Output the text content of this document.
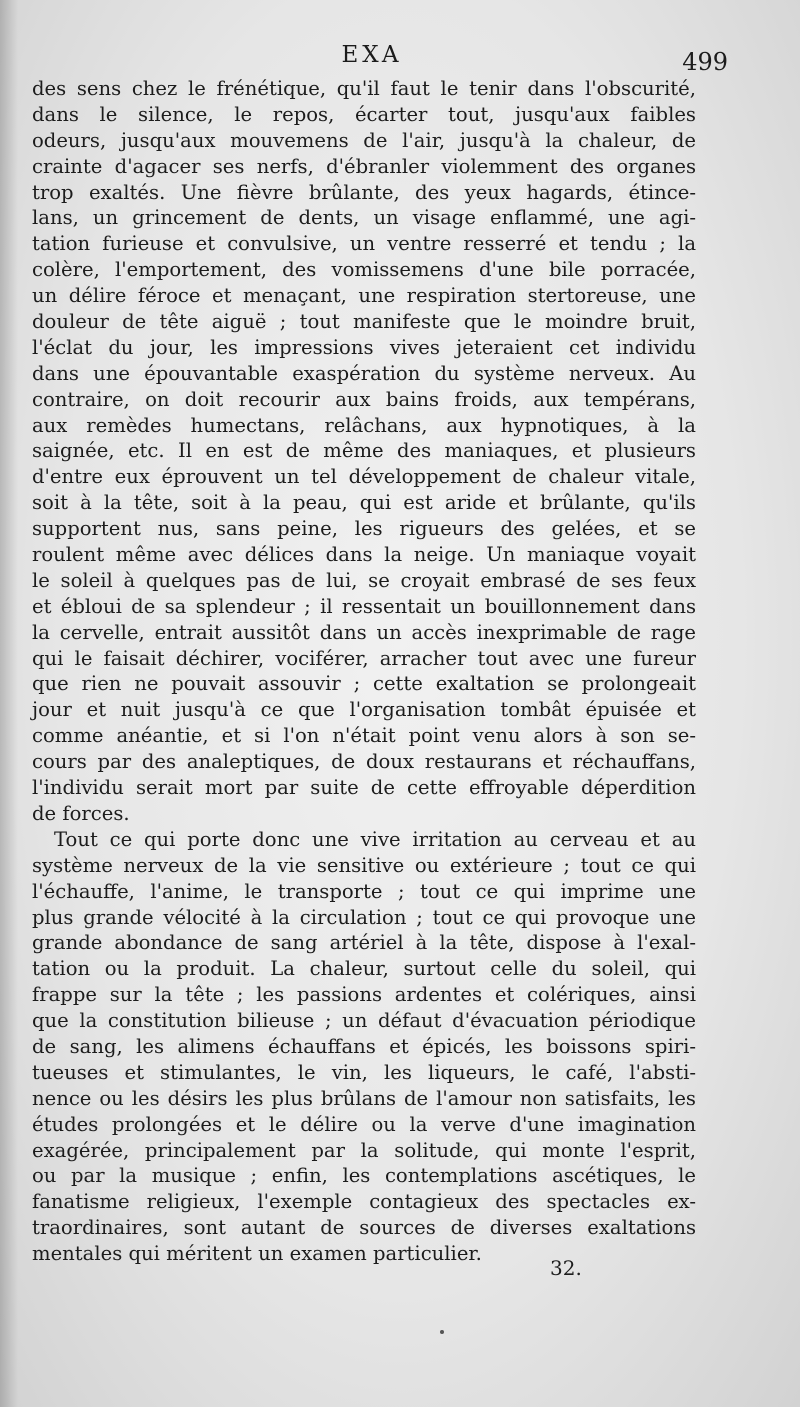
EXA	499
des sens chez le frénétique, qu'il faut le tenir dans l'obscurité,
dans le silence, le repos, écarter tout, jusqu'aux faibles
odeurs, jusqu'aux mouvemens de l'air, jusqu'à la chaleur, de
crainte d'agacer ses nerfs, d'ébranler violemment des organes
trop exaltés. Une fièvre brûlante, des yeux hagards, étince-
lans, un grincement de dents, un visage enflammé, une agi-
tation furieuse et convulsive, un ventre resserré et tendu ; la
colère, l'emportement, des vomissemens d'une bile porracée,
un délire féroce et menaçant, une respiration stertoreuse, une
douleur de tête aiguë ; tout manifeste que le moindre bruit,
l'éclat du jour, les impressions vives jeteraient cet individu
dans une épouvantable exaspération du système nerveux. Au
contraire, on doit recourir aux bains froids, aux tempérans,
aux remèdes humectans, relâchans, aux hypnotiques, à la
saignée, etc. Il en est de même des maniaques, et plusieurs
d'entre eux éprouvent un tel développement de chaleur vitale,
soit à la tête, soit à la peau, qui est aride et brûlante, qu'ils
supportent nus, sans peine, les rigueurs des gelées, et se
roulent même avec délices dans la neige. Un maniaque voyait
le soleil à quelques pas de lui, se croyait embrasé de ses feux
et ébloui de sa splendeur ; il ressentait un bouillonnement dans
la cervelle, entrait aussitôt dans un accès inexprimable de rage
qui le faisait déchirer, vociférer, arracher tout avec une fureur
que rien ne pouvait assouvir ; cette exaltation se prolongeait
jour et nuit jusqu'à ce que l'organisation tombât épuisée et
comme anéantie, et si l'on n'était point venu alors à son se-
cours par des analeptiques, de doux restaurans et réchauffans,
l'individu serait mort par suite de cette effroyable déperdition
de forces.
Tout ce qui porte donc une vive irritation au cerveau et au
système nerveux de la vie sensitive ou extérieure ; tout ce qui
l'échauffe, l'anime, le transporte ; tout ce qui imprime une
plus grande vélocité à la circulation ; tout ce qui provoque une
grande abondance de sang artériel à la tête, dispose à l'exal-
tation ou la produit. La chaleur, surtout celle du soleil, qui
frappe sur la tête ; les passions ardentes et colériques, ainsi
que la constitution bilieuse ; un défaut d'évacuation périodique
de sang, les alimens échauffans et épicés, les boissons spiri-
tueuses et stimulantes, le vin, les liqueurs, le café, l'absti-
nence ou les désirs les plus brûlans de l'amour non satisfaits, les
études prolongées et le délire ou la verve d'une imagination
exagérée, principalement par la solitude, qui monte l'esprit,
ou par la musique ; enfin, les contemplations ascétiques, le
fanatisme religieux, l'exemple contagieux des spectacles ex-
traordinaires, sont autant de sources de diverses exaltations
mentales qui méritent un examen particulier.
32.
